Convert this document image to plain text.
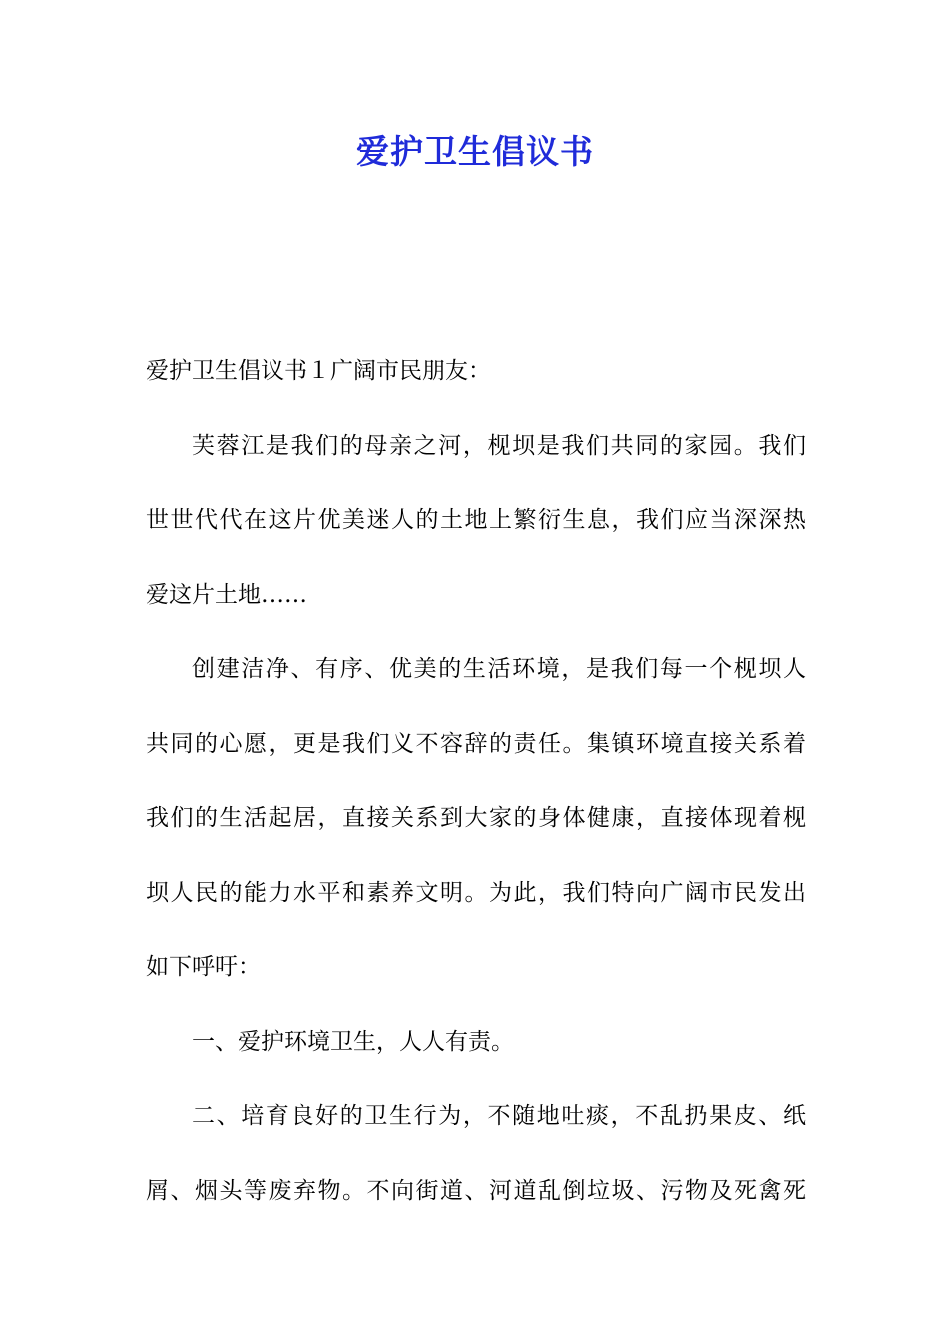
爱护卫生倡议书

爱护卫生倡议书１广阔市民朋友：

芙蓉江是我们的母亲之河，枧坝是我们共同的家园。我们
世世代代在这片优美迷人的土地上繁衍生息，我们应当深深热
爱这片土地……

创建洁净、有序、优美的生活环境，是我们每一个枧坝人
共同的心愿，更是我们义不容辞的责任。集镇环境直接关系着
我们的生活起居，直接关系到大家的身体健康，直接体现着枧
坝人民的能力水平和素养文明。为此，我们特向广阔市民发出
如下呼吁：

一、爱护环境卫生，人人有责。

二、培育良好的卫生行为，不随地吐痰，不乱扔果皮、纸
屑、烟头等废弃物。不向街道、河道乱倒垃圾、污物及死禽死
